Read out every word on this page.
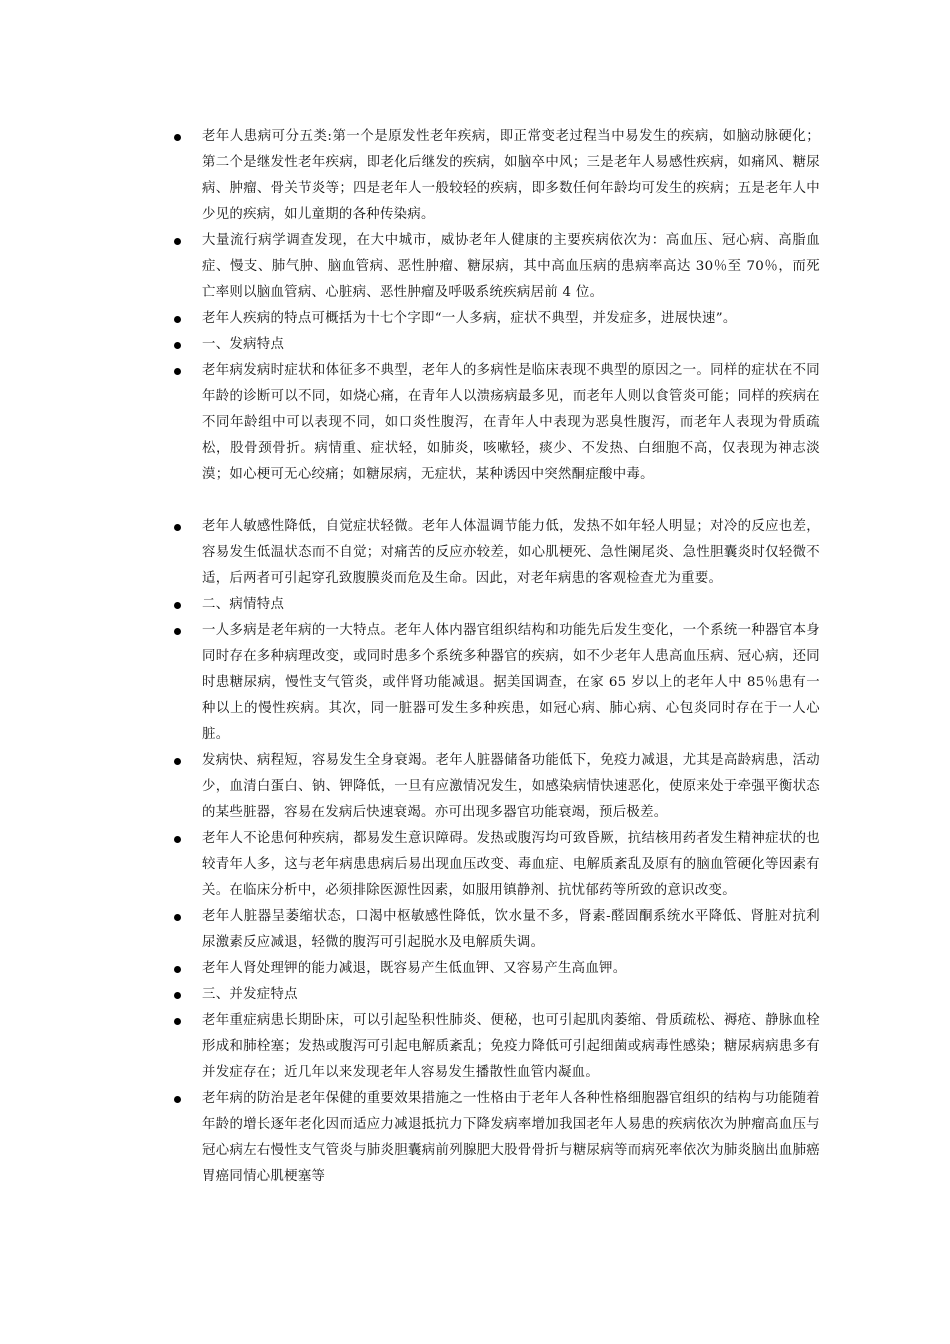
老年人患病可分五类:第一个是原发性老年疾病，即正常变老过程当中易发生的疾病，如脑动脉硬化；第二个是继发性老年疾病，即老化后继发的疾病，如脑卒中风；三是老年人易感性疾病，如痛风、糖尿病、肿瘤、骨关节炎等；四是老年人一般较轻的疾病，即多数任何年龄均可发生的疾病；五是老年人中少见的疾病，如儿童期的各种传染病。
大量流行病学调查发现，在大中城市，威协老年人健康的主要疾病依次为：高血压、冠心病、高脂血症、慢支、肺气肿、脑血管病、恶性肿瘤、糖尿病，其中高血压病的患病率高达 30％至 70％，而死亡率则以脑血管病、心脏病、恶性肿瘤及呼吸系统疾病居前 4 位。
老年人疾病的特点可概括为十七个字即“一人多病，症状不典型，并发症多，进展快速”。
一、发病特点
老年病发病时症状和体征多不典型，老年人的多病性是临床表现不典型的原因之一。同样的症状在不同年龄的诊断可以不同，如烧心痛，在青年人以溃疡病最多见，而老年人则以食管炎可能；同样的疾病在不同年龄组中可以表现不同，如口炎性腹泻，在青年人中表现为恶臭性腹泻，而老年人表现为骨质疏松，股骨颈骨折。病情重、症状轻，如肺炎，咳嗽轻，痰少、不发热、白细胞不高，仅表现为神志淡漠；如心梗可无心绞痛；如糖尿病，无症状，某种诱因中突然酮症酸中毒。
老年人敏感性降低，自觉症状轻微。老年人体温调节能力低，发热不如年轻人明显；对冷的反应也差，容易发生低温状态而不自觉；对痛苦的反应亦较差，如心肌梗死、急性阑尾炎、急性胆囊炎时仅轻微不适，后两者可引起穿孔致腹膜炎而危及生命。因此，对老年病患的客观检查尤为重要。
二、病情特点
一人多病是老年病的一大特点。老年人体内器官组织结构和功能先后发生变化，一个系统一种器官本身同时存在多种病理改变，或同时患多个系统多种器官的疾病，如不少老年人患高血压病、冠心病，还同时患糖尿病，慢性支气管炎，或伴肾功能减退。据美国调查，在家 65 岁以上的老年人中 85％患有一种以上的慢性疾病。其次，同一脏器可发生多种疾患，如冠心病、肺心病、心包炎同时存在于一人心脏。
发病快、病程短，容易发生全身衰竭。老年人脏器储备功能低下，免疫力减退，尤其是高龄病患，活动少，血清白蛋白、钠、钾降低，一旦有应激情况发生，如感染病情快速恶化，使原来处于牵强平衡状态的某些脏器，容易在发病后快速衰竭。亦可出现多器官功能衰竭，预后极差。
老年人不论患何种疾病，都易发生意识障碍。发热或腹泻均可致昏厥，抗结核用药者发生精神症状的也较青年人多，这与老年病患患病后易出现血压改变、毒血症、电解质紊乱及原有的脑血管硬化等因素有关。在临床分析中，必须排除医源性因素，如服用镇静剂、抗忧郁药等所致的意识改变。
老年人脏器呈萎缩状态，口渴中枢敏感性降低，饮水量不多，肾素-醛固酮系统水平降低、肾脏对抗利尿激素反应减退，轻微的腹泻可引起脱水及电解质失调。
老年人肾处理钾的能力减退，既容易产生低血钾、又容易产生高血钾。
三、并发症特点
老年重症病患长期卧床，可以引起坠积性肺炎、便秘，也可引起肌肉萎缩、骨质疏松、褥疮、静脉血栓形成和肺栓塞；发热或腹泻可引起电解质紊乱；免疫力降低可引起细菌或病毒性感染；糖尿病病患多有并发症存在；近几年以来发现老年人容易发生播散性血管内凝血。
老年病的防治是老年保健的重要效果措施之一性格由于老年人各种性格细胞器官组织的结构与功能随着年龄的增长逐年老化因而适应力减退抵抗力下降发病率增加我国老年人易患的疾病依次为肿瘤高血压与冠心病左右慢性支气管炎与肺炎胆囊病前列腺肥大股骨骨折与糖尿病等而病死率依次为肺炎脑出血肺癌胃癌同情心肌梗塞等
